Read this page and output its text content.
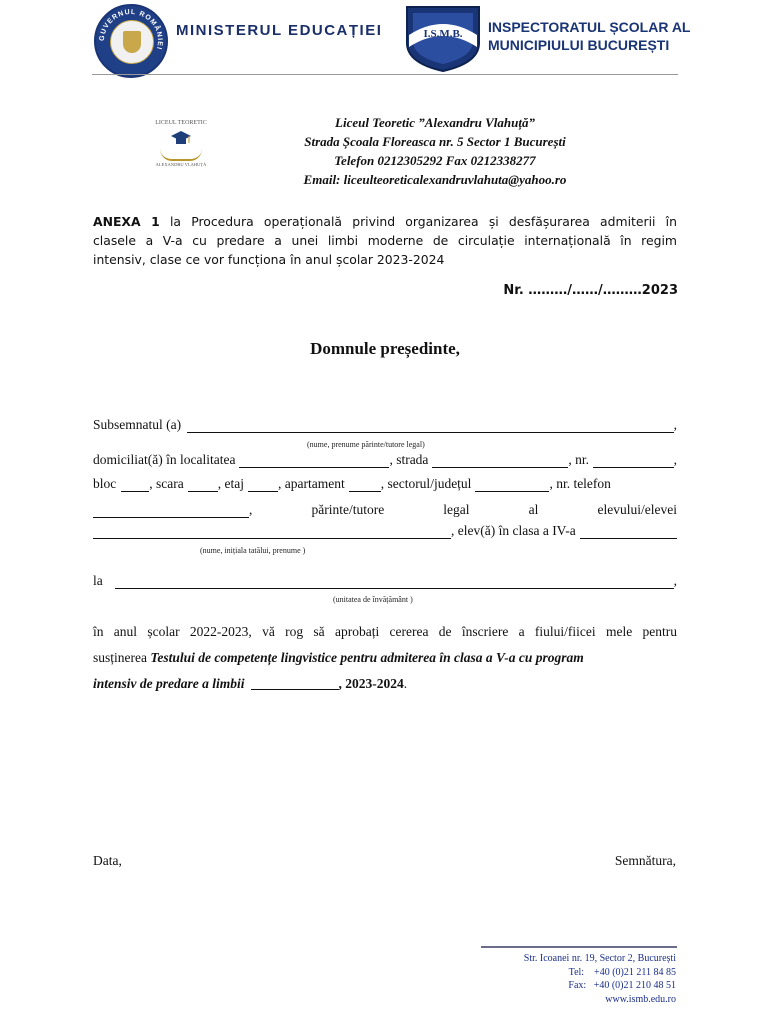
GUVERNUL ROMÂNIEI
MINISTERUL EDUCAȚIEI	I.S.M.B. INSPECTORATUL ȘCOLAR AL
MUNICIPIULUI BUCUREȘTI
LICEUL TEORETIC
ALEXANDRU VLAHUȚĂ
Liceul Teoretic ”Alexandru Vlahuță”
Strada Școala Floreasca nr. 5 Sector 1 București
Telefon 0212305292 Fax 0212338277
Email: liceulteoreticalexandruvlahuta@yahoo.ro
ANEXA 1 la Procedura operațională privind organizarea și desfășurarea admiterii în
clasele a V-a cu predare a unei limbi moderne de circulație internațională în regim
intensiv, clase ce vor funcționa în anul școlar 2023-2024
Nr. ………/……/………2023
Domnule președinte,
Subsemnatul (a)	,
(nume, prenume părinte/tutore legal)
domiciliat(ă) în localitatea	, strada	, nr.	,
bloc , scara	, etaj	, apartament	, sectorul/județul	, nr. telefon
,	părinte/tutore	legal	al	elevului/elevei
, elev(ă) în clasa a IV-a
(nume, inițiala tatălui, prenume )
la	,
(unitatea de învățământ )
în anul școlar 2022-2023, vă rog să aprobați cererea de înscriere a fiului/fiicei mele pentru
susținerea Testului de competențe lingvistice pentru admiterea în clasa a V-a cu program
intensiv de predare a limbii	, 2023-2024 .
Data,	Semnătura,
Str. Icoanei nr. 19, Sector 2, București
Tel:    +40 (0)21 211 84 85
Fax:   +40 (0)21 210 48 51
www.ismb.edu.ro
